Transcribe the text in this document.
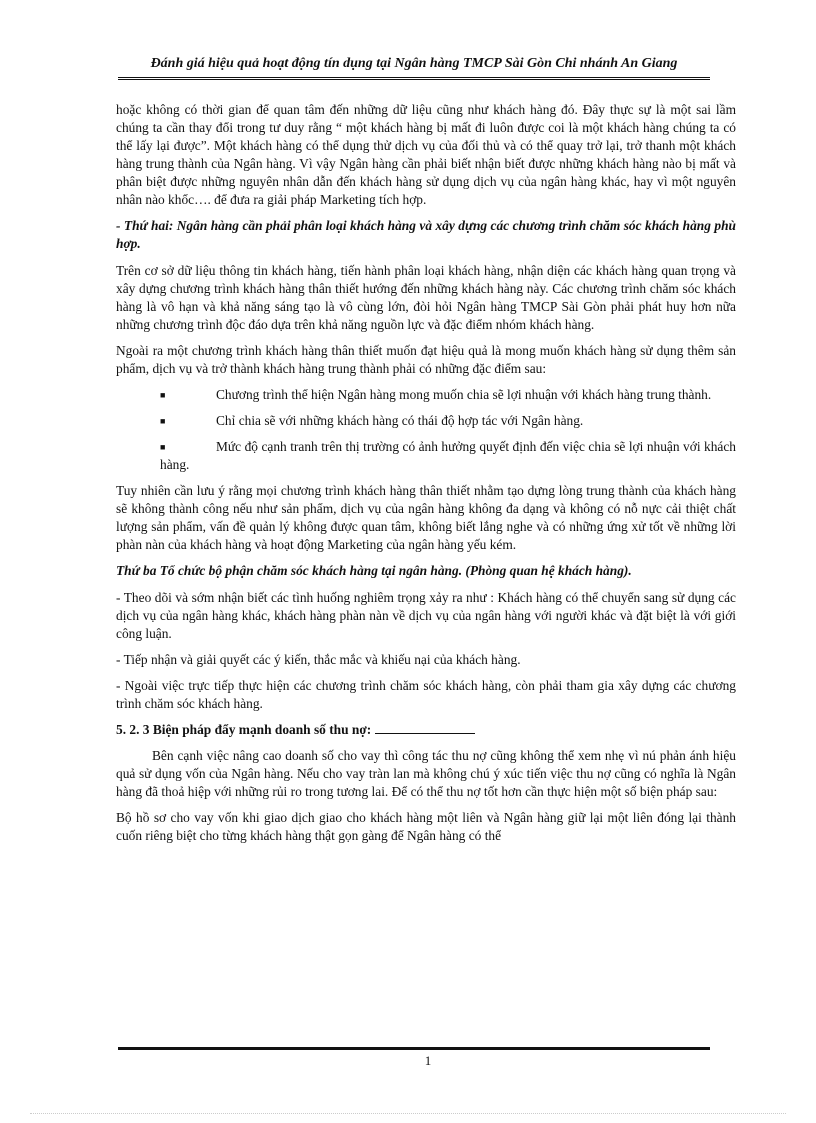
Đánh giá hiệu quả hoạt động tín dụng tại Ngân hàng TMCP Sài Gòn Chi nhánh An Giang

hoặc không có thời gian để quan tâm đến những dữ liệu cũng như khách hàng đó. Đây thực sự là một sai lầm chúng ta cần thay đổi trong tư duy rằng “ một khách hàng bị mất đi luôn được coi là một khách hàng chúng ta có thể lấy lại được”. Một khách hàng có thể dụng thử dịch vụ của đối thủ và có thể quay trở lại, trở thanh một khách hàng trung thành của Ngân hàng. Vì vậy Ngân hàng cần phải biết nhận biết được những khách hàng nào bị mất và phân biệt được những nguyên nhân dẫn đến khách hàng sử dụng dịch vụ của ngân hàng khác, hay vì một nguyên nhân nào khổc…. để đưa ra giải pháp Marketing tích hợp.

- Thứ hai: Ngân hàng cần phải phân loại khách hàng và xây dựng các chương trình chăm sóc khách hàng phù hợp.

Trên cơ sở dữ liệu thông tin khách hàng, tiến hành phân loại khách hàng, nhận diện các khách hàng quan trọng và xây dựng chương trình khách hàng thân thiết hướng đến những khách hàng này. Các chương trình chăm sóc khách hàng là vô hạn và khả năng sáng tạo là vô cùng lớn, đòi hỏi Ngân hàng TMCP Sài Gòn phải phát huy hơn nữa những chương trình độc đáo dựa trên khả năng nguồn lực và đặc điểm nhóm khách hàng.

Ngoài ra một chương trình khách hàng thân thiết muốn đạt hiệu quả là mong muốn khách hàng sử dụng thêm sản phẩm, dịch vụ và trở thành khách hàng trung thành phải có những đặc điểm sau:

■	Chương trình thể hiện Ngân hàng mong muốn chia sẽ lợi nhuận với khách hàng trung thành.
■	Chỉ chia sẽ với những khách hàng có thái độ hợp tác với Ngân hàng.
■	Mức độ cạnh tranh trên thị trường có ảnh hưởng quyết định đến việc chia sẽ lợi nhuận với khách hàng.

Tuy nhiên cần lưu ý rằng mọi chương trình khách hàng thân thiết nhằm tạo dựng lòng trung thành của khách hàng sẽ không thành công nếu như sản phẩm, dịch vụ của ngân hàng không đa dạng và không có nỗ nực cải thiệt chất lượng sản phẩm, vấn đề quản lý không được quan tâm, không biết lắng nghe và có những ứng xử tốt về những lời phàn nàn của khách hàng và hoạt động Marketing của ngân hàng yếu kém.

Thứ ba Tổ chức bộ phận chăm sóc khách hàng tại ngân hàng. (Phòng quan hệ khách hàng).

- Theo dõi và sớm nhận biết các tình huống nghiêm trọng xảy ra như : Khách hàng có thể chuyển sang sử dụng các dịch vụ của ngân hàng khác, khách hàng phàn nàn về dịch vụ của ngân hàng với người khác và đặt biệt là với giới công luận.

- Tiếp nhận và giải quyết các ý kiến, thắc mắc và khiếu nại của khách hàng.

- Ngoài việc trực tiếp thực hiện các chương trình chăm sóc khách hàng, còn phải tham gia xây dựng các chương trình chăm sóc khách hàng.

5. 2. 3 Biện pháp đẩy mạnh doanh số thu nợ:

Bên cạnh việc nâng cao doanh số cho vay thì công tác thu nợ cũng không thể xem nhẹ vì nú phản ánh hiệu quả sử dụng vốn của Ngân hàng. Nếu cho vay tràn lan mà không chú ý xúc tiến việc thu nợ cũng có nghĩa là Ngân hàng đã thoả hiệp với những rủi ro trong tương lai. Để có thể thu nợ tốt hơn cần thực hiện một số biện pháp sau:

Bộ hồ sơ cho vay vốn khi giao dịch giao cho khách hàng một liên và Ngân hàng giữ lại một liên đóng lại thành cuốn riêng biệt cho từng khách hàng thật gọn gàng để Ngân hàng có thể

1
